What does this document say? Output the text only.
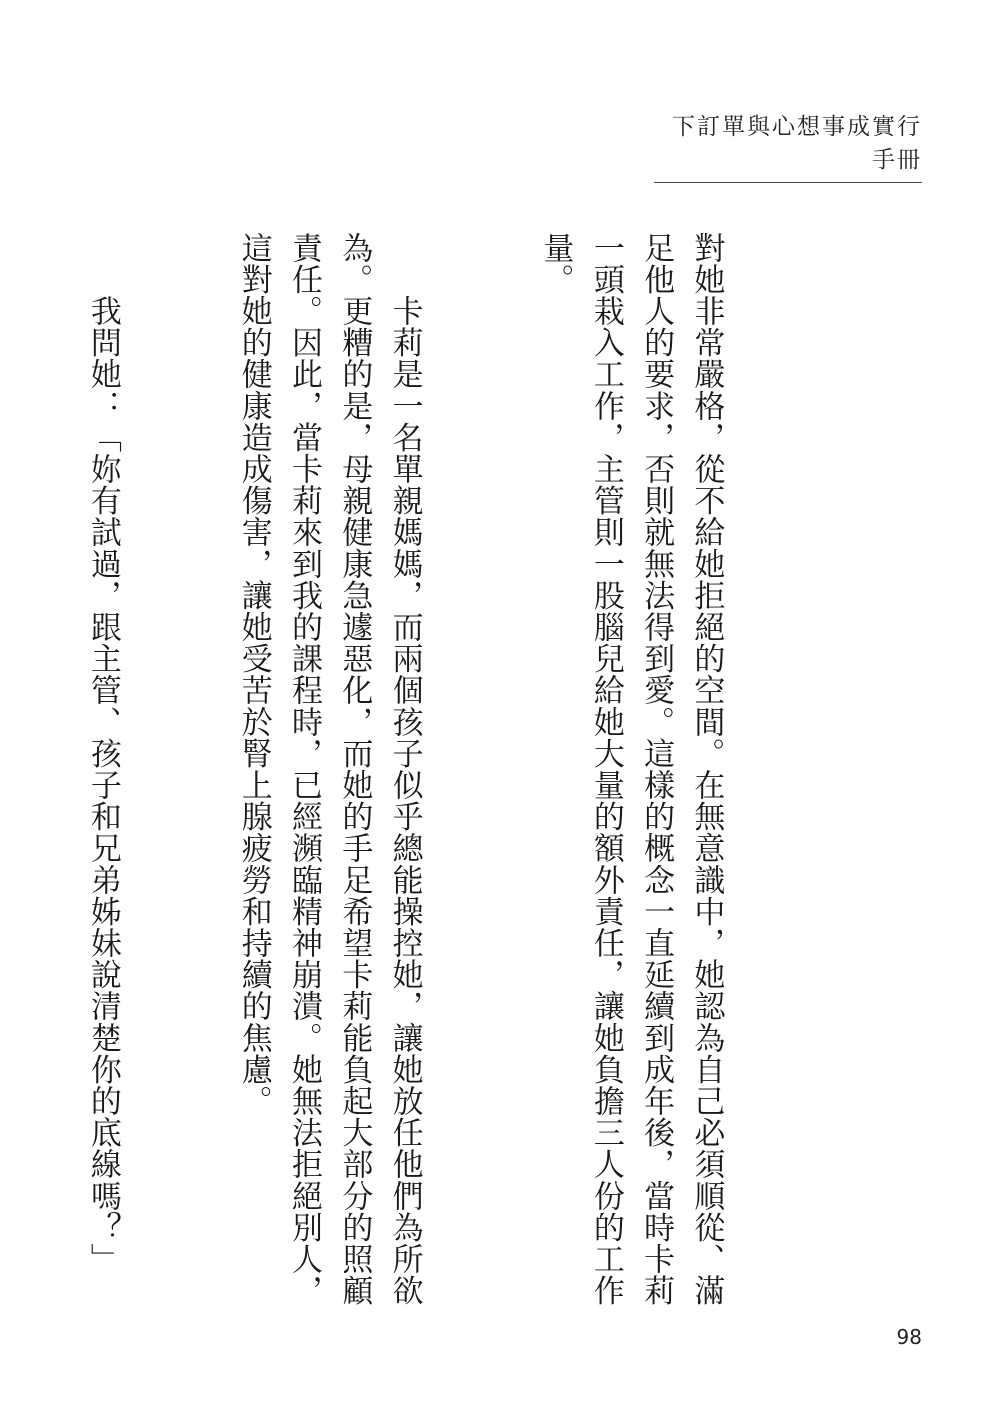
下訂單與心想事成實行手冊

對她非常嚴格，從不給她拒絕的空間。在無意識中，她認為自己必須順從、滿足他人的要求，否則就無法得到愛。這樣的概念一直延續到成年後，當時卡莉一頭栽入工作，主管則一股腦兒給她大量的額外責任，讓她負擔三人份的工作量。

　　卡莉是一名單親媽媽，而兩個孩子似乎總能操控她，讓她放任他們為所欲為。更糟的是，母親健康急遽惡化，而她的手足希望卡莉能負起大部分的照顧責任。因此，當卡莉來到我的課程時，已經瀕臨精神崩潰。她無法拒絕別人，這對她的健康造成傷害，讓她受苦於腎上腺疲勞和持續的焦慮。

　　我問她：「妳有試過，跟主管、孩子和兄弟姊妹說清楚你的底線嗎？」

98
